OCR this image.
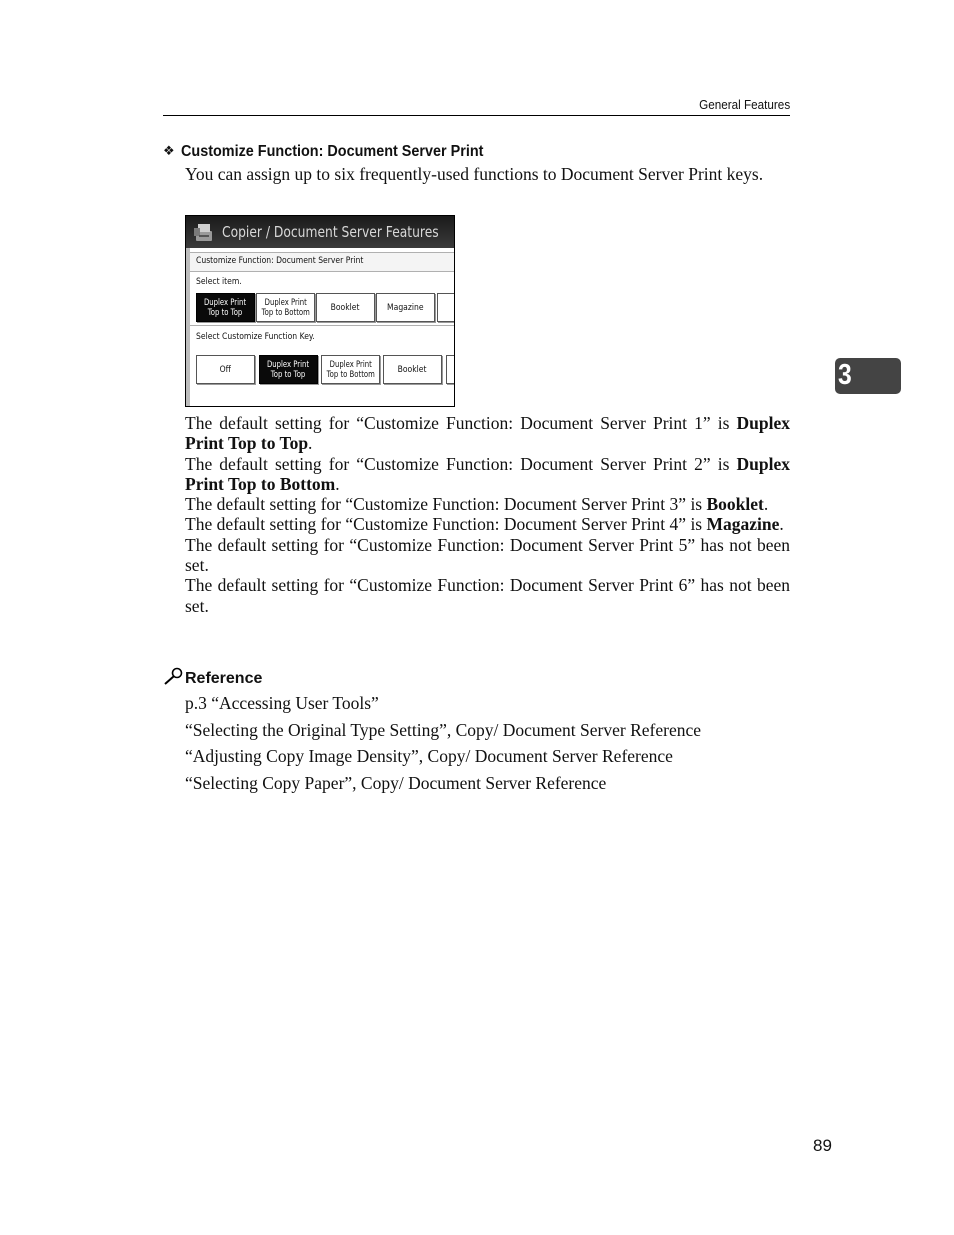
General Features
❖ Customize Function: Document Server Print

You can assign up to six frequently-used functions to Document Server Print keys.

Copier / Document Server Features
Customize Function: Document Server Print
Select item.
Duplex Print
Top to Top
Duplex Print
Top to Bottom	Booklet	Magazine
Select Customize Function Key.
Off	Duplex Print
Top to Top
Duplex Print
Top to Bottom	Booklet

The default setting for “Customize Function: Document Server Print 1” is Duplex Print Top to Top.

The default setting for “Customize Function: Document Server Print 2” is Duplex Print Top to Bottom.

The default setting for “Customize Function: Document Server Print 3” is Booklet.

The default setting for “Customize Function: Document Server Print 4” is Magazine.

The default setting for “Customize Function: Document Server Print 5” has not been set.

The default setting for “Customize Function: Document Server Print 6” has not been set.

Reference
p.3 “Accessing User Tools”
“Selecting the Original Type Setting”, Copy/ Document Server Reference
“Adjusting Copy Image Density”, Copy/ Document Server Reference
“Selecting Copy Paper”, Copy/ Document Server Reference
3
89
